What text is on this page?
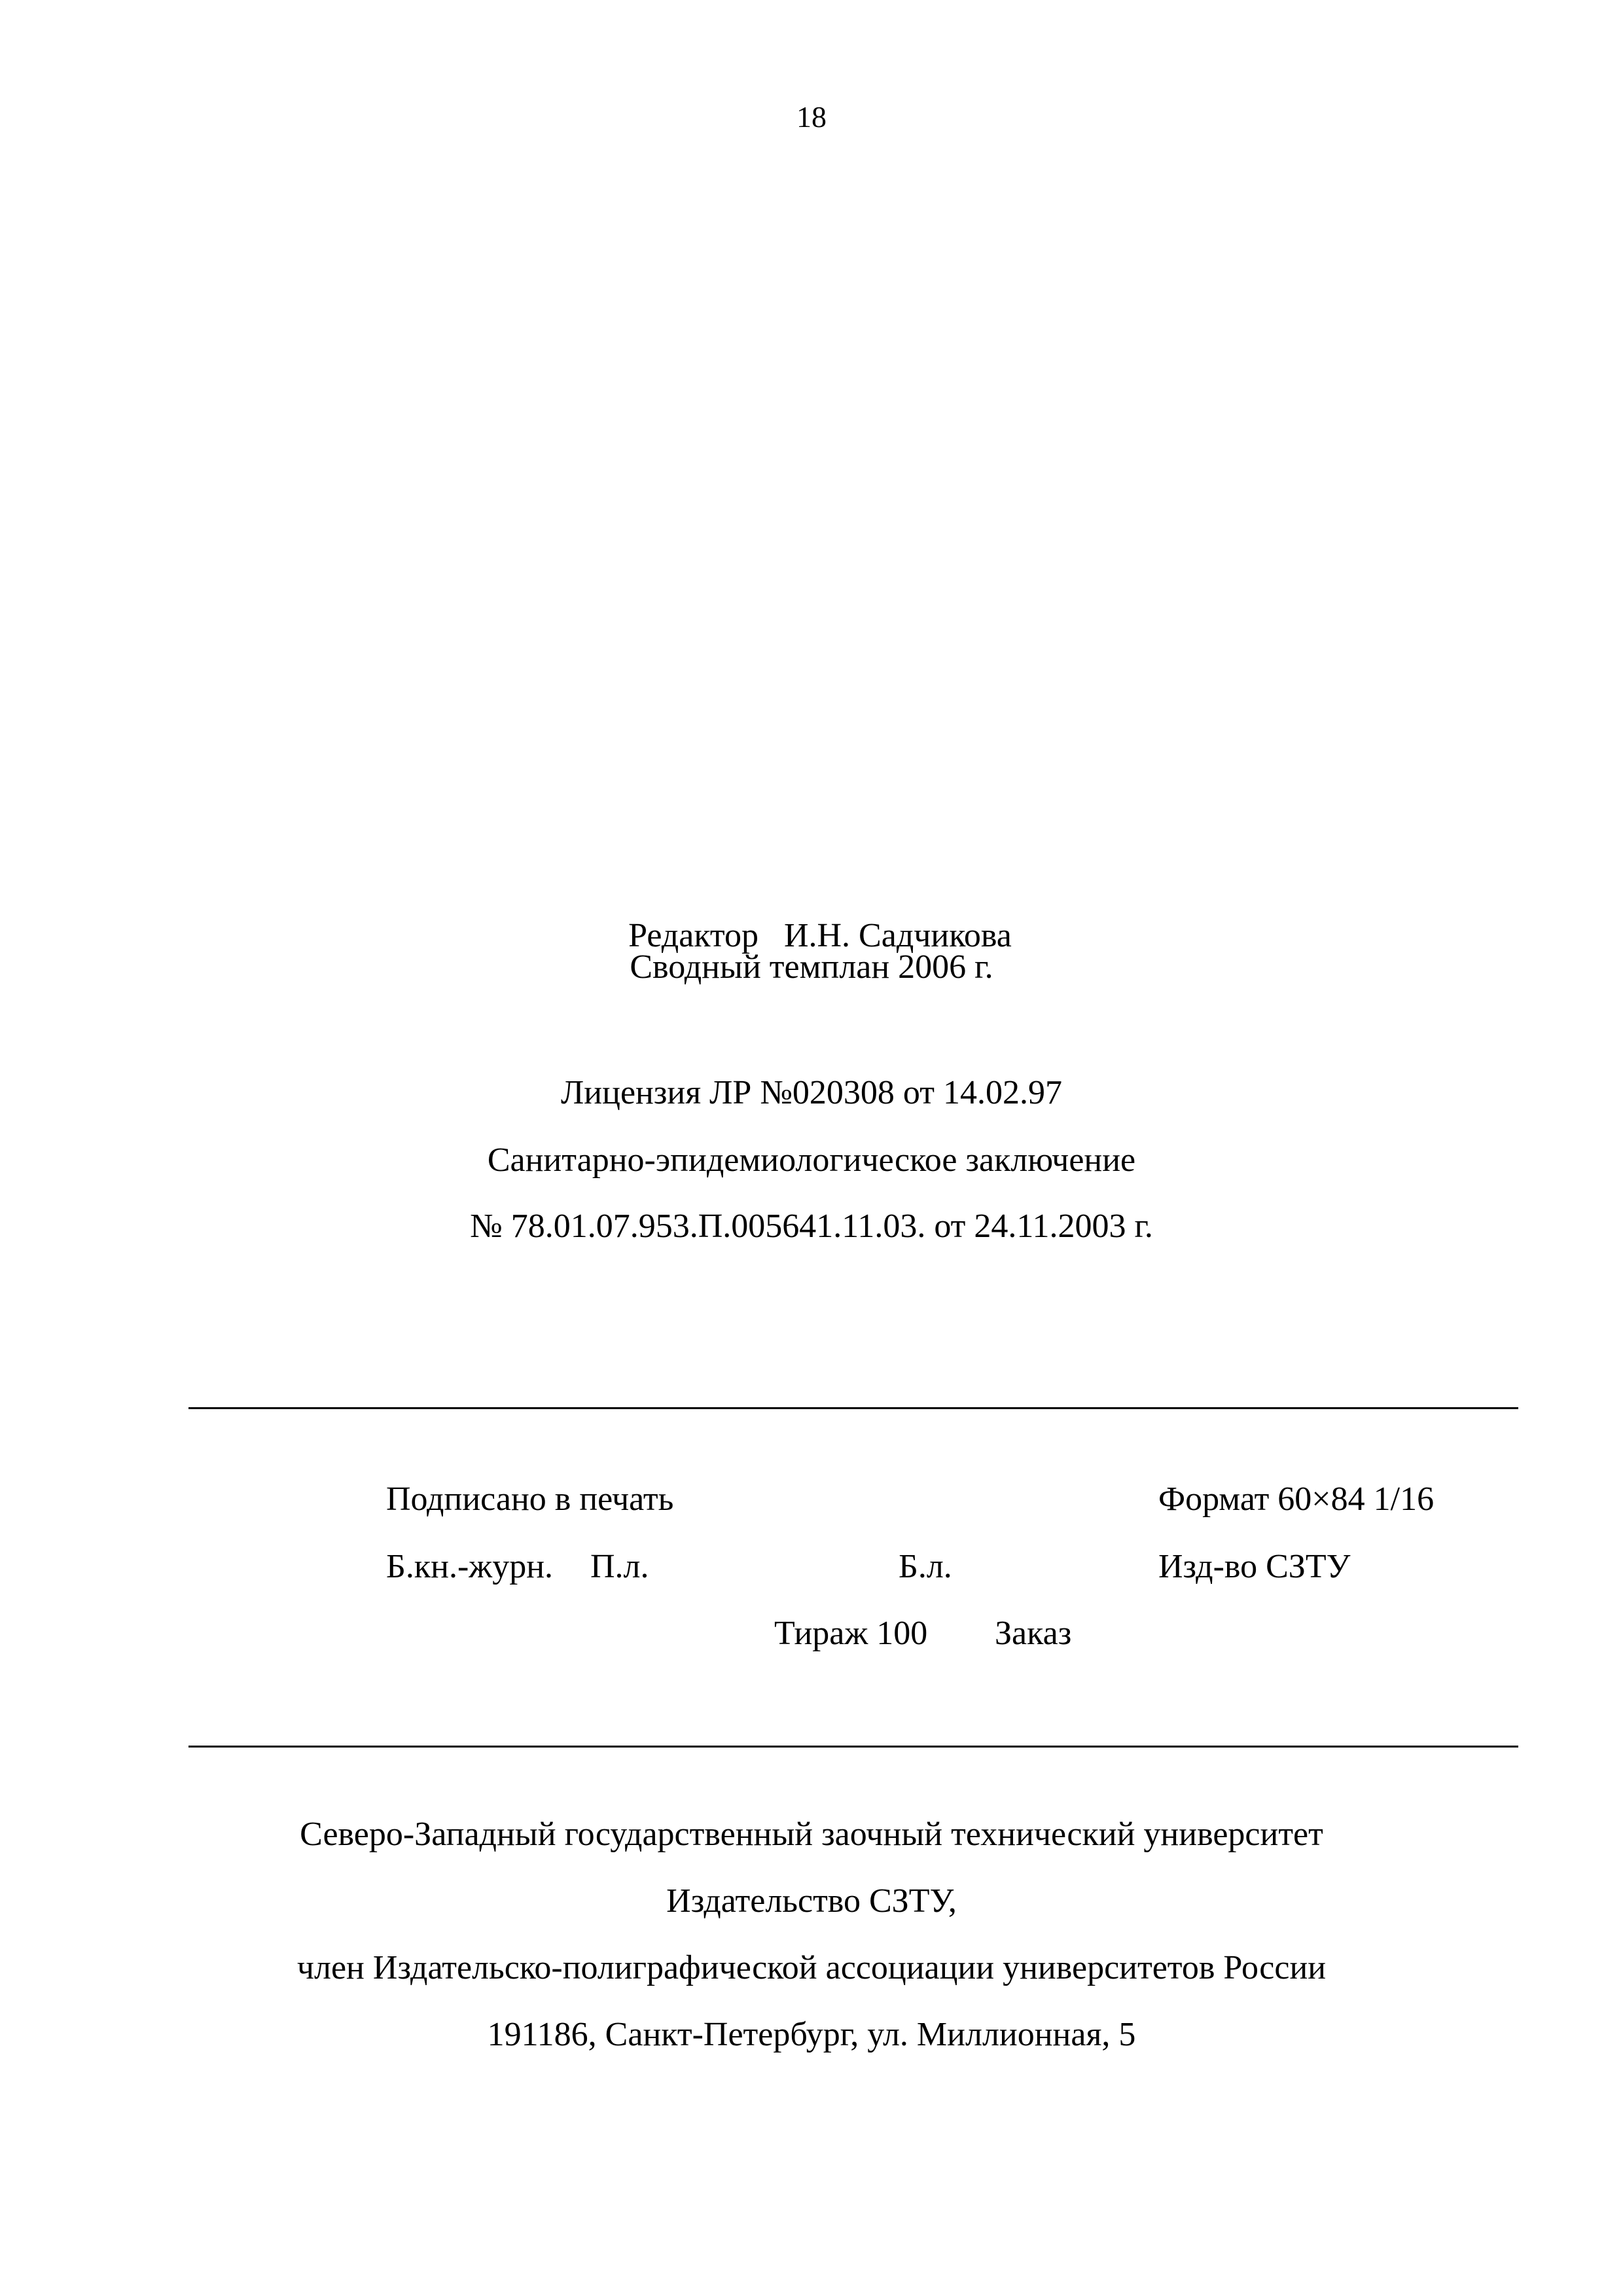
18

Редактор И.Н. Садчикова

Сводный темплан 2006 г.
Лицензия ЛР №020308 от 14.02.97
Санитарно-эпидемиологическое заключение
№ 78.01.07.953.П.005641.11.03. от 24.11.2003 г.
Подписано в печать	Формат 60×84 1/16
Б.кн.-журн. П.л.	Б.л.	Изд-во СЗТУ
Тираж 100 Заказ
Северо-Западный государственный заочный технический университет
Издательство СЗТУ,
член Издательско-полиграфической ассоциации университетов России
191186, Санкт-Петербург, ул. Миллионная, 5
